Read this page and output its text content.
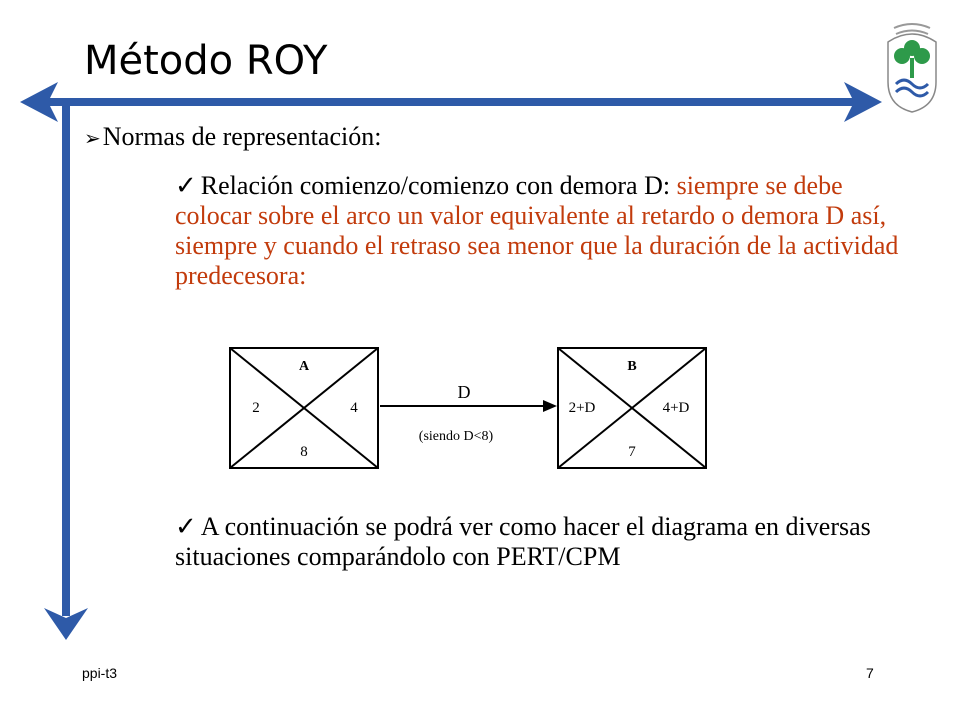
Método ROY
➢Normas de representación:
✓ Relación comienzo/comienzo con demora D: siempre se debe colocar sobre el arco un valor equivalente al retardo o demora D así, siempre y cuando el retraso sea menor que la duración de la actividad predecesora:
A
2	4
8
B
2+D	4+D
7
D
(siendo D<8)
✓ A continuación se podrá ver como hacer el diagrama en diversas situaciones comparándolo con PERT/CPM
ppi-t3	7
